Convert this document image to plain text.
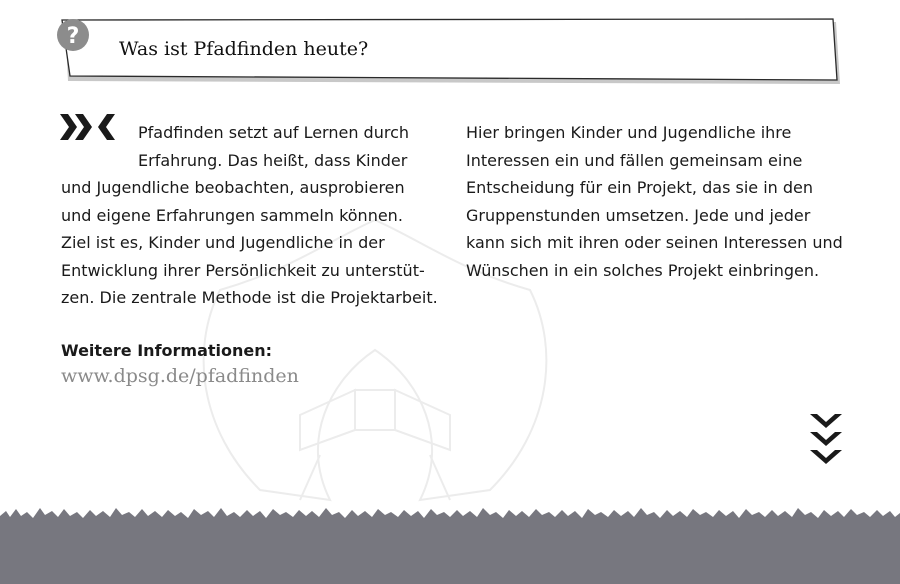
? Was ist Pfadfinden heute?
Pfadfinden setzt auf Lernen durch
Erfahrung. Das heißt, dass Kinder
und Jugendliche beobachten, ausprobieren
und eigene Erfahrungen sammeln können.
Ziel ist es, Kinder und Jugendliche in der
Entwicklung ihrer Persönlichkeit zu unterstüt-
zen. Die zentrale Methode ist die Projektarbeit.
Hier bringen Kinder und Jugendliche ihre
Interessen ein und fällen gemeinsam eine
Entscheidung für ein Projekt, das sie in den
Gruppenstunden umsetzen. Jede und jeder
kann sich mit ihren oder seinen Interessen und
Wünschen in ein solches Projekt einbringen.
Weitere Informationen:
www.dpsg.de/pfadfinden
